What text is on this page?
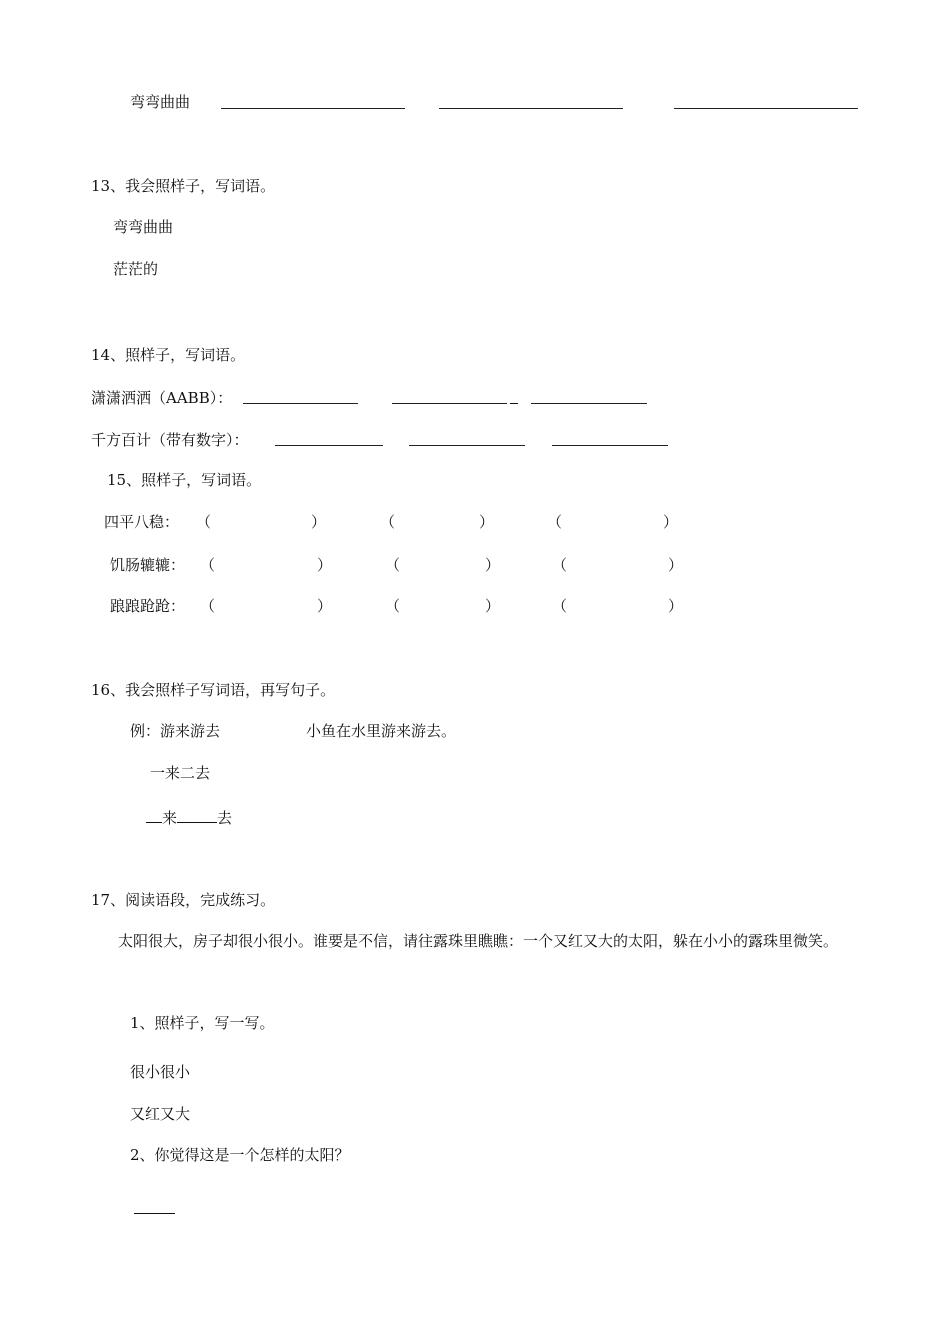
弯弯曲曲
13、我会照样子，写词语。
弯弯曲曲
茫茫的
14、照样子，写词语。
潇潇洒洒（AABB）：
千方百计（带有数字）：
15、照样子，写词语。
四平八稳： （	）	（	）	（	）
饥肠辘辘： （	）	（	）	（	）
踉踉跄跄： （	）	（	）	（	）
16、我会照样子写词语，再写句子。
例：游来游去	小鱼在水里游来游去。
一来二去
来	去
17、阅读语段，完成练习。
太阳很大，房子却很小很小。谁要是不信，请往露珠里瞧瞧：一个又红又大的太阳，躲在小小的露珠里微笑。
1、照样子，写一写。
很小很小
又红又大
2、你觉得这是一个怎样的太阳？
